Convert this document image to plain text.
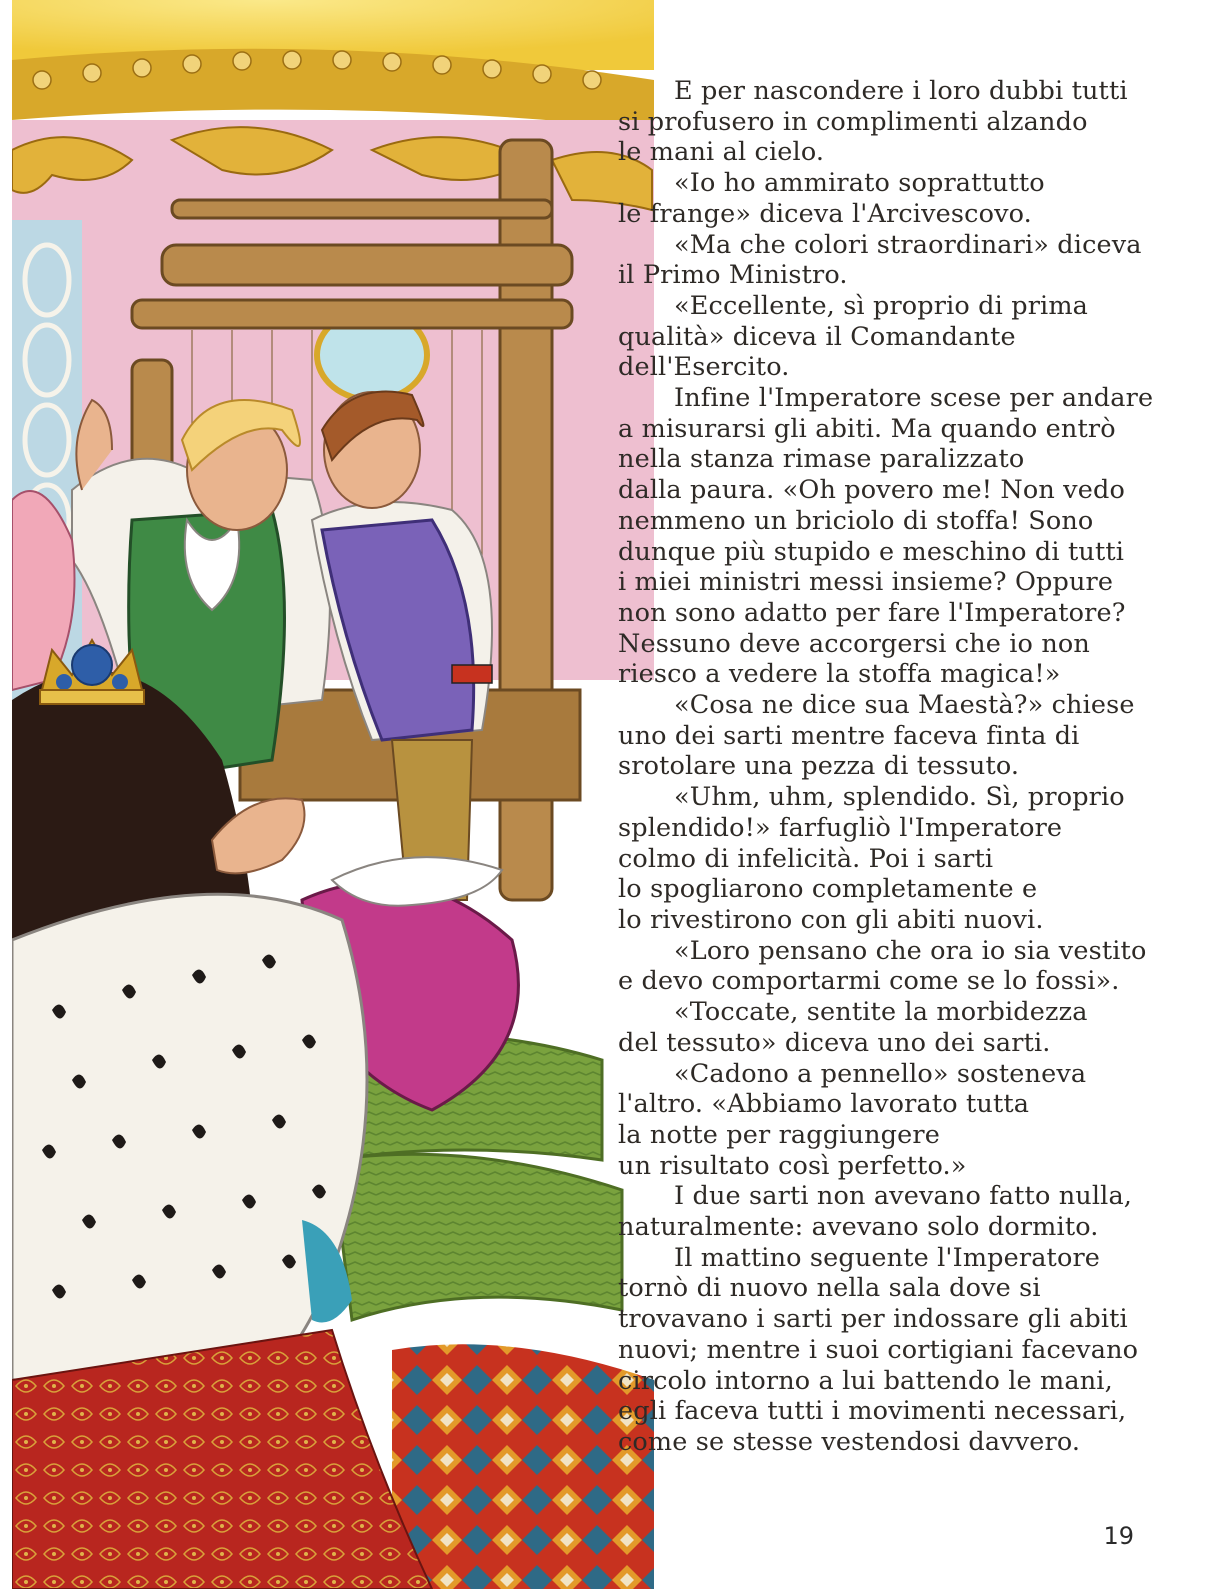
E per nascondere i loro dubbi tutti
si profusero in complimenti alzando
le mani al cielo.

«Io ho ammirato soprattutto
le frange» diceva l'Arcivescovo.

«Ma che colori straordinari» diceva
il Primo Ministro.

«Eccellente, sì proprio di prima
qualità» diceva il Comandante
dell'Esercito.

Infine l'Imperatore scese per andare
a misurarsi gli abiti. Ma quando entrò
nella stanza rimase paralizzato
dalla paura. «Oh povero me! Non vedo
nemmeno un briciolo di stoffa! Sono
dunque più stupido e meschino di tutti
i miei ministri messi insieme? Oppure
non sono adatto per fare l'Imperatore?
Nessuno deve accorgersi che io non
riesco a vedere la stoffa magica!»

«Cosa ne dice sua Maestà?» chiese
uno dei sarti mentre faceva finta di
srotolare una pezza di tessuto.

«Uhm, uhm, splendido. Sì, proprio
splendido!» farfugliò l'Imperatore
colmo di infelicità. Poi i sarti
lo spogliarono completamente e
lo rivestirono con gli abiti nuovi.

«Loro pensano che ora io sia vestito
e devo comportarmi come se lo fossi».

«Toccate, sentite la morbidezza
del tessuto» diceva uno dei sarti.

«Cadono a pennello» sosteneva
l'altro. «Abbiamo lavorato tutta
la notte per raggiungere
un risultato così perfetto.»

I due sarti non avevano fatto nulla,
naturalmente: avevano solo dormito.

Il mattino seguente l'Imperatore
tornò di nuovo nella sala dove si
trovavano i sarti per indossare gli abiti
nuovi; mentre i suoi cortigiani facevano
circolo intorno a lui battendo le mani,
egli faceva tutti i movimenti necessari,
come se stesse vestendosi davvero.

19
